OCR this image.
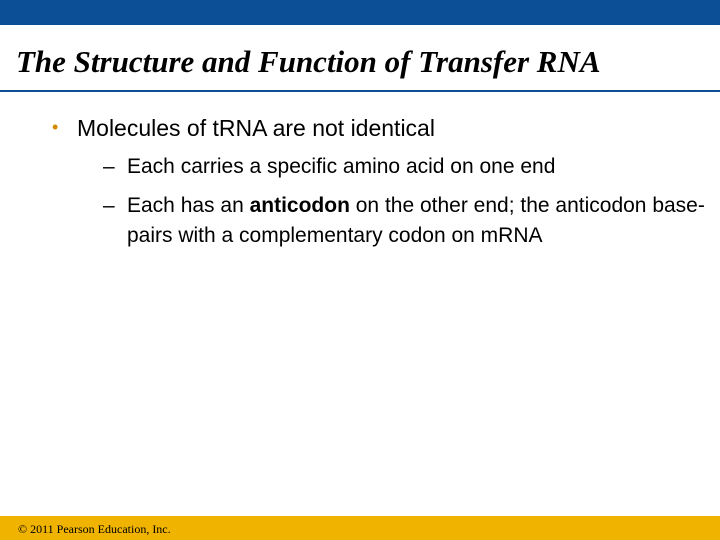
The Structure and Function of Transfer RNA
• Molecules of tRNA are not identical
– Each carries a specific amino acid on one end
– Each has an anticodon on the other end; the anticodon base-pairs with a complementary codon on mRNA
© 2011 Pearson Education, Inc.
